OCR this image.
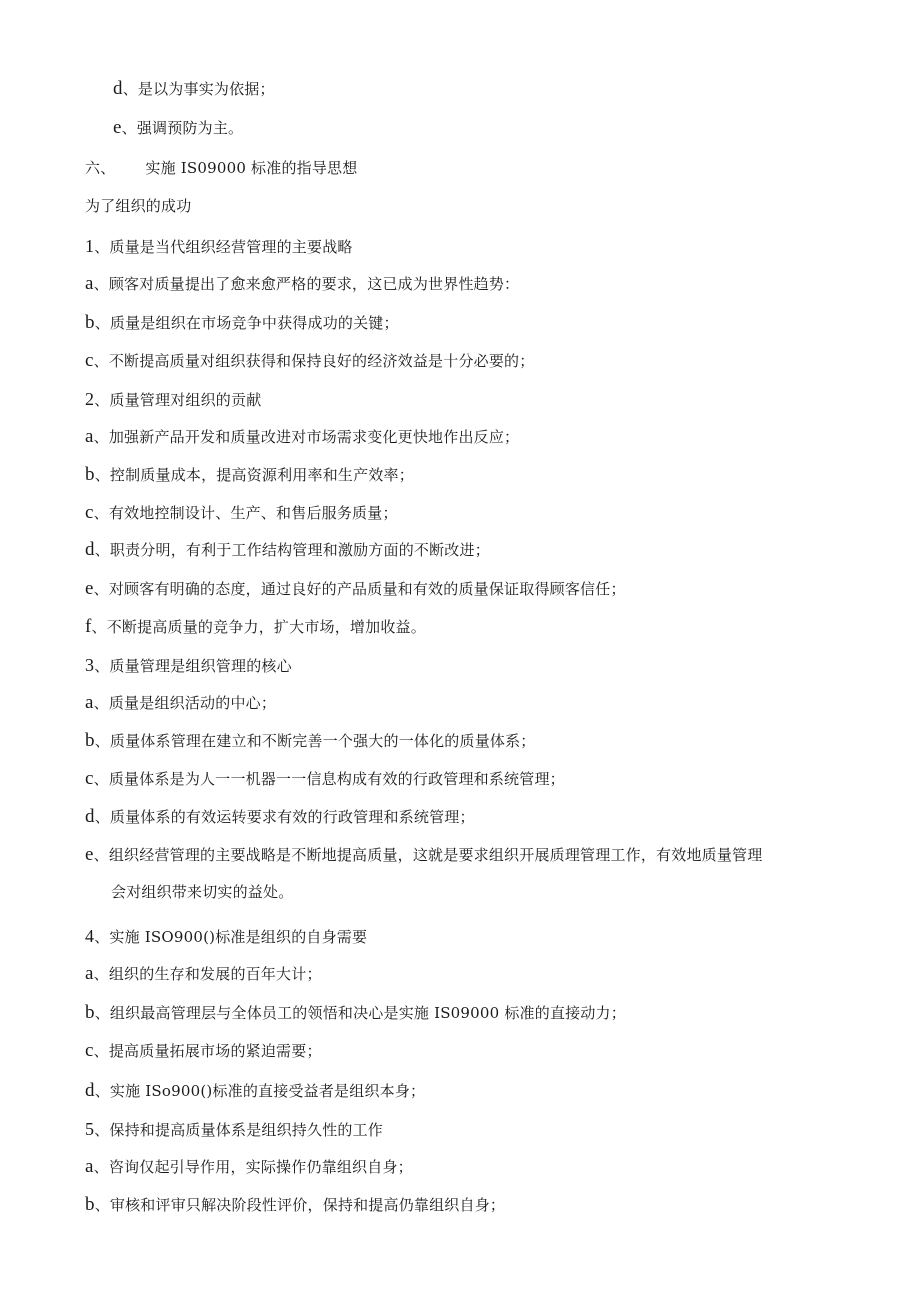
d、是以为事实为依据；
e、强调预防为主。
六、 实施 IS09000 标准的指导思想
为了组织的成功
1、质量是当代组织经营管理的主要战略
a、顾客对质量提出了愈来愈严格的要求，这已成为世界性趋势：
b、质量是组织在市场竞争中获得成功的关键；
c、不断提高质量对组织获得和保持良好的经济效益是十分必要的；
2、质量管理对组织的贡献
a、加强新产品开发和质量改进对市场需求变化更快地作出反应；
b、控制质量成本，提高资源利用率和生产效率；
c、有效地控制设计、生产、和售后服务质量；
d、职责分明，有利于工作结构管理和激励方面的不断改进；
e、对顾客有明确的态度，通过良好的产品质量和有效的质量保证取得顾客信任；
f、不断提高质量的竞争力，扩大市场，增加收益。
3、质量管理是组织管理的核心
a、质量是组织活动的中心；
b、质量体系管理在建立和不断完善一个强大的一体化的质量体系；
c、质量体系是为人一一机器一一信息构成有效的行政管理和系统管理；
d、质量体系的有效运转要求有效的行政管理和系统管理；
e、组织经营管理的主要战略是不断地提高质量，这就是要求组织开展质理管理工作，有效地质量管理
会对组织带来切实的益处。
4、实施 ISO900()标准是组织的自身需要
a、组织的生存和发展的百年大计；
b、组织最高管理层与全体员工的领悟和决心是实施 IS09000 标准的直接动力；
c、提高质量拓展市场的紧迫需要；
d、实施 ISo900()标准的直接受益者是组织本身；
5、保持和提高质量体系是组织持久性的工作
a、咨询仅起引导作用，实际操作仍靠组织自身；
b、审核和评审只解决阶段性评价，保持和提高仍靠组织自身；
